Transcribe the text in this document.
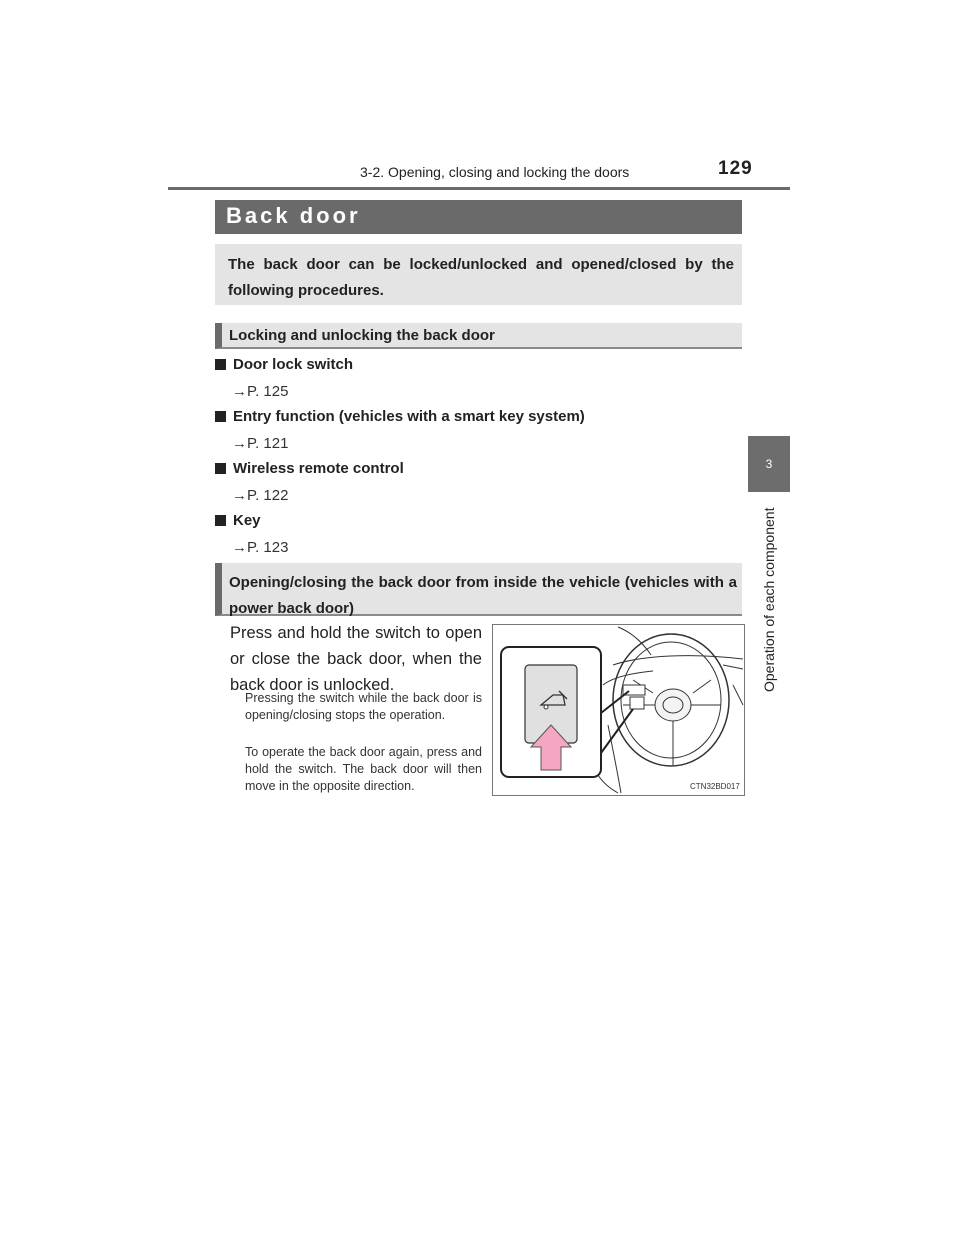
3-2. Opening, closing and locking the doors	129
3
Operation of each component
Back door
The back door can be locked/unlocked and opened/closed by the following procedures.
Locking and unlocking the back door
Door lock switch
→P. 125
Entry function (vehicles with a smart key system)
→P. 121
Wireless remote control
→P. 122
Key
→P. 123
Opening/closing the back door from inside the vehicle (vehicles with a power back door)
Press and hold the switch to open or close the back door, when the back door is unlocked.
Pressing the switch while the back door is opening/closing stops the operation.
To operate the back door again, press and hold the switch. The back door will then move in the opposite direction.	CTN32BD017
